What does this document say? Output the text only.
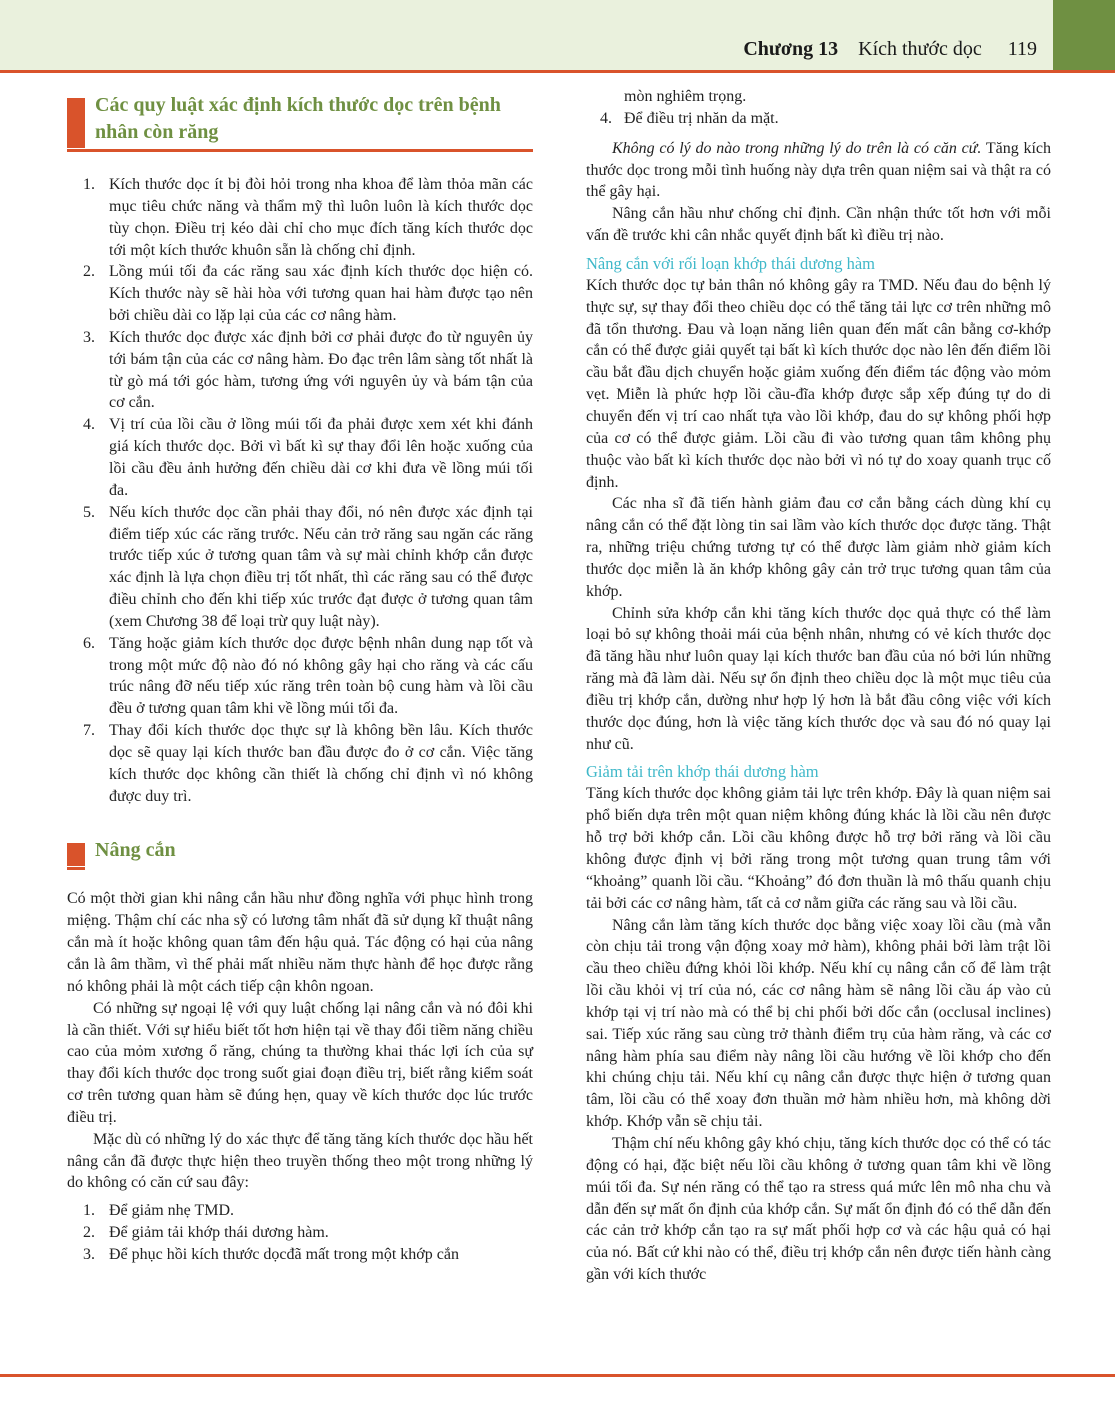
Chương 13 Kích thước dọc 119
Các quy luật xác định kích thước dọc trên bệnh nhân còn răng
1. Kích thước dọc ít bị đòi hỏi trong nha khoa để làm thỏa mãn các mục tiêu chức năng và thẩm mỹ thì luôn luôn là kích thước dọc tùy chọn. Điều trị kéo dài chỉ cho mục đích tăng kích thước dọc tới một kích thước khuôn sẵn là chống chỉ định.
2. Lồng múi tối đa các răng sau xác định kích thước dọc hiện có. Kích thước này sẽ hài hòa với tương quan hai hàm được tạo nên bởi chiều dài co lặp lại của các cơ nâng hàm.
3. Kích thước dọc được xác định bởi cơ phải được đo từ nguyên ủy tới bám tận của các cơ nâng hàm. Đo đạc trên lâm sàng tốt nhất là từ gò má tới góc hàm, tương ứng với nguyên ủy và bám tận của cơ cắn.
4. Vị trí của lồi cầu ở lồng múi tối đa phải được xem xét khi đánh giá kích thước dọc. Bởi vì bất kì sự thay đổi lên hoặc xuống của lồi cầu đều ảnh hưởng đến chiều dài cơ khi đưa về lồng múi tối đa.
5. Nếu kích thước dọc cần phải thay đổi, nó nên được xác định tại điểm tiếp xúc các răng trước. Nếu cản trở răng sau ngăn các răng trước tiếp xúc ở tương quan tâm và sự mài chỉnh khớp cắn được xác định là lựa chọn điều trị tốt nhất, thì các răng sau có thể được điều chỉnh cho đến khi tiếp xúc trước đạt được ở tương quan tâm (xem Chương 38 để loại trừ quy luật này).
6. Tăng hoặc giảm kích thước dọc được bệnh nhân dung nạp tốt và trong một mức độ nào đó nó không gây hại cho răng và các cấu trúc nâng đỡ nếu tiếp xúc răng trên toàn bộ cung hàm và lồi cầu đều ở tương quan tâm khi về lồng múi tối đa.
7. Thay đổi kích thước dọc thực sự là không bền lâu. Kích thước dọc sẽ quay lại kích thước ban đầu được đo ở cơ cắn. Việc tăng kích thước dọc không cần thiết là chống chỉ định vì nó không được duy trì.
Nâng cắn

Có một thời gian khi nâng cắn hầu như đồng nghĩa với phục hình trong miệng. Thậm chí các nha sỹ có lương tâm nhất đã sử dụng kĩ thuật nâng cắn mà ít hoặc không quan tâm đến hậu quả. Tác động có hại của nâng cắn là âm thầm, vì thế phải mất nhiều năm thực hành để học được rằng nó không phải là một cách tiếp cận khôn ngoan.

Có những sự ngoại lệ với quy luật chống lại nâng cắn và nó đôi khi là cần thiết. Với sự hiểu biết tốt hơn hiện tại về thay đổi tiềm năng chiều cao của mỏm xương ổ răng, chúng ta thường khai thác lợi ích của sự thay đổi kích thước dọc trong suốt giai đoạn điều trị, biết rằng kiểm soát cơ trên tương quan hàm sẽ đúng hẹn, quay về kích thước dọc lúc trước điều trị.

Mặc dù có những lý do xác thực để tăng tăng kích thước dọc hầu hết nâng cắn đã được thực hiện theo truyền thống theo một trong những lý do không có căn cứ sau đây:

1. Để giảm nhẹ TMD.
2. Để giảm tải khớp thái dương hàm.
3. Để phục hồi kích thước dọcđã mất trong một khớp cắn
mòn nghiêm trọng.
4. Để điều trị nhăn da mặt.

Không có lý do nào trong những lý do trên là có căn cứ. Tăng kích thước dọc trong mỗi tình huống này dựa trên quan niệm sai và thật ra có thể gây hại.

Nâng cắn hầu như chống chỉ định. Cần nhận thức tốt hơn với mỗi vấn đề trước khi cân nhắc quyết định bất kì điều trị nào.

Nâng cắn với rối loạn khớp thái dương hàm

Kích thước dọc tự bản thân nó không gây ra TMD. Nếu đau do bệnh lý thực sự, sự thay đổi theo chiều dọc có thể tăng tải lực cơ trên những mô đã tổn thương. Đau và loạn năng liên quan đến mất cân bằng cơ-khớp cắn có thể được giải quyết tại bất kì kích thước dọc nào lên đến điểm lồi cầu bắt đầu dịch chuyển hoặc giảm xuống đến điểm tác động vào mỏm vẹt. Miễn là phức hợp lồi cầu-đĩa khớp được sắp xếp đúng tự do di chuyển đến vị trí cao nhất tựa vào lồi khớp, đau do sự không phối hợp của cơ có thể được giảm. Lồi cầu đi vào tương quan tâm không phụ thuộc vào bất kì kích thước dọc nào bởi vì nó tự do xoay quanh trục cố định.

Các nha sĩ đã tiến hành giảm đau cơ cắn bằng cách dùng khí cụ nâng cắn có thể đặt lòng tin sai lầm vào kích thước dọc được tăng. Thật ra, những triệu chứng tương tự có thể được làm giảm nhờ giảm kích thước dọc miễn là ăn khớp không gây cản trở trục tương quan tâm của khớp.

Chỉnh sửa khớp cắn khi tăng kích thước dọc quả thực có thể làm loại bỏ sự không thoải mái của bệnh nhân, nhưng có vẻ kích thước dọc đã tăng hầu như luôn quay lại kích thước ban đầu của nó bởi lún những răng mà đã làm dài. Nếu sự ổn định theo chiều dọc là một mục tiêu của điều trị khớp cắn, dường như hợp lý hơn là bắt đầu công việc với kích thước dọc đúng, hơn là việc tăng kích thước dọc và sau đó nó quay lại như cũ.

Giảm tải trên khớp thái dương hàm

Tăng kích thước dọc không giảm tải lực trên khớp. Đây là quan niệm sai phổ biến dựa trên một quan niệm không đúng khác là lồi cầu nên được hỗ trợ bởi khớp cắn. Lồi cầu không được hỗ trợ bởi răng và lồi cầu không được định vị bởi răng trong một tương quan trung tâm với “khoảng” quanh lồi cầu. “Khoảng” đó đơn thuần là mô thấu quanh chịu tải bởi các cơ nâng hàm, tất cả cơ nằm giữa các răng sau và lồi cầu.

Nâng cắn làm tăng kích thước dọc bằng việc xoay lồi cầu (mà vẫn còn chịu tải trong vận động xoay mở hàm), không phải bởi làm trật lồi cầu theo chiều đứng khỏi lồi khớp. Nếu khí cụ nâng cắn cố để làm trật lồi cầu khỏi vị trí của nó, các cơ nâng hàm sẽ nâng lồi cầu áp vào củ khớp tại vị trí nào mà có thể bị chi phối bởi dốc cắn (occlusal inclines) sai. Tiếp xúc răng sau cùng trở thành điểm trụ của hàm răng, và các cơ nâng hàm phía sau điểm này nâng lồi cầu hướng về lồi khớp cho đến khi chúng chịu tải. Nếu khí cụ nâng cắn được thực hiện ở tương quan tâm, lồi cầu có thể xoay đơn thuần mở hàm nhiều hơn, mà không dời khớp. Khớp vẫn sẽ chịu tải.

Thậm chí nếu không gây khó chịu, tăng kích thước dọc có thể có tác động có hại, đặc biệt nếu lồi cầu không ở tương quan tâm khi về lồng múi tối đa. Sự nén răng có thể tạo ra stress quá mức lên mô nha chu và dẫn đến sự mất ổn định của khớp cắn. Sự mất ổn định đó có thể dẫn đến các cản trở khớp cắn tạo ra sự mất phối hợp cơ và các hậu quả có hại của nó. Bất cứ khi nào có thể, điều trị khớp cắn nên được tiến hành càng gần với kích thước
